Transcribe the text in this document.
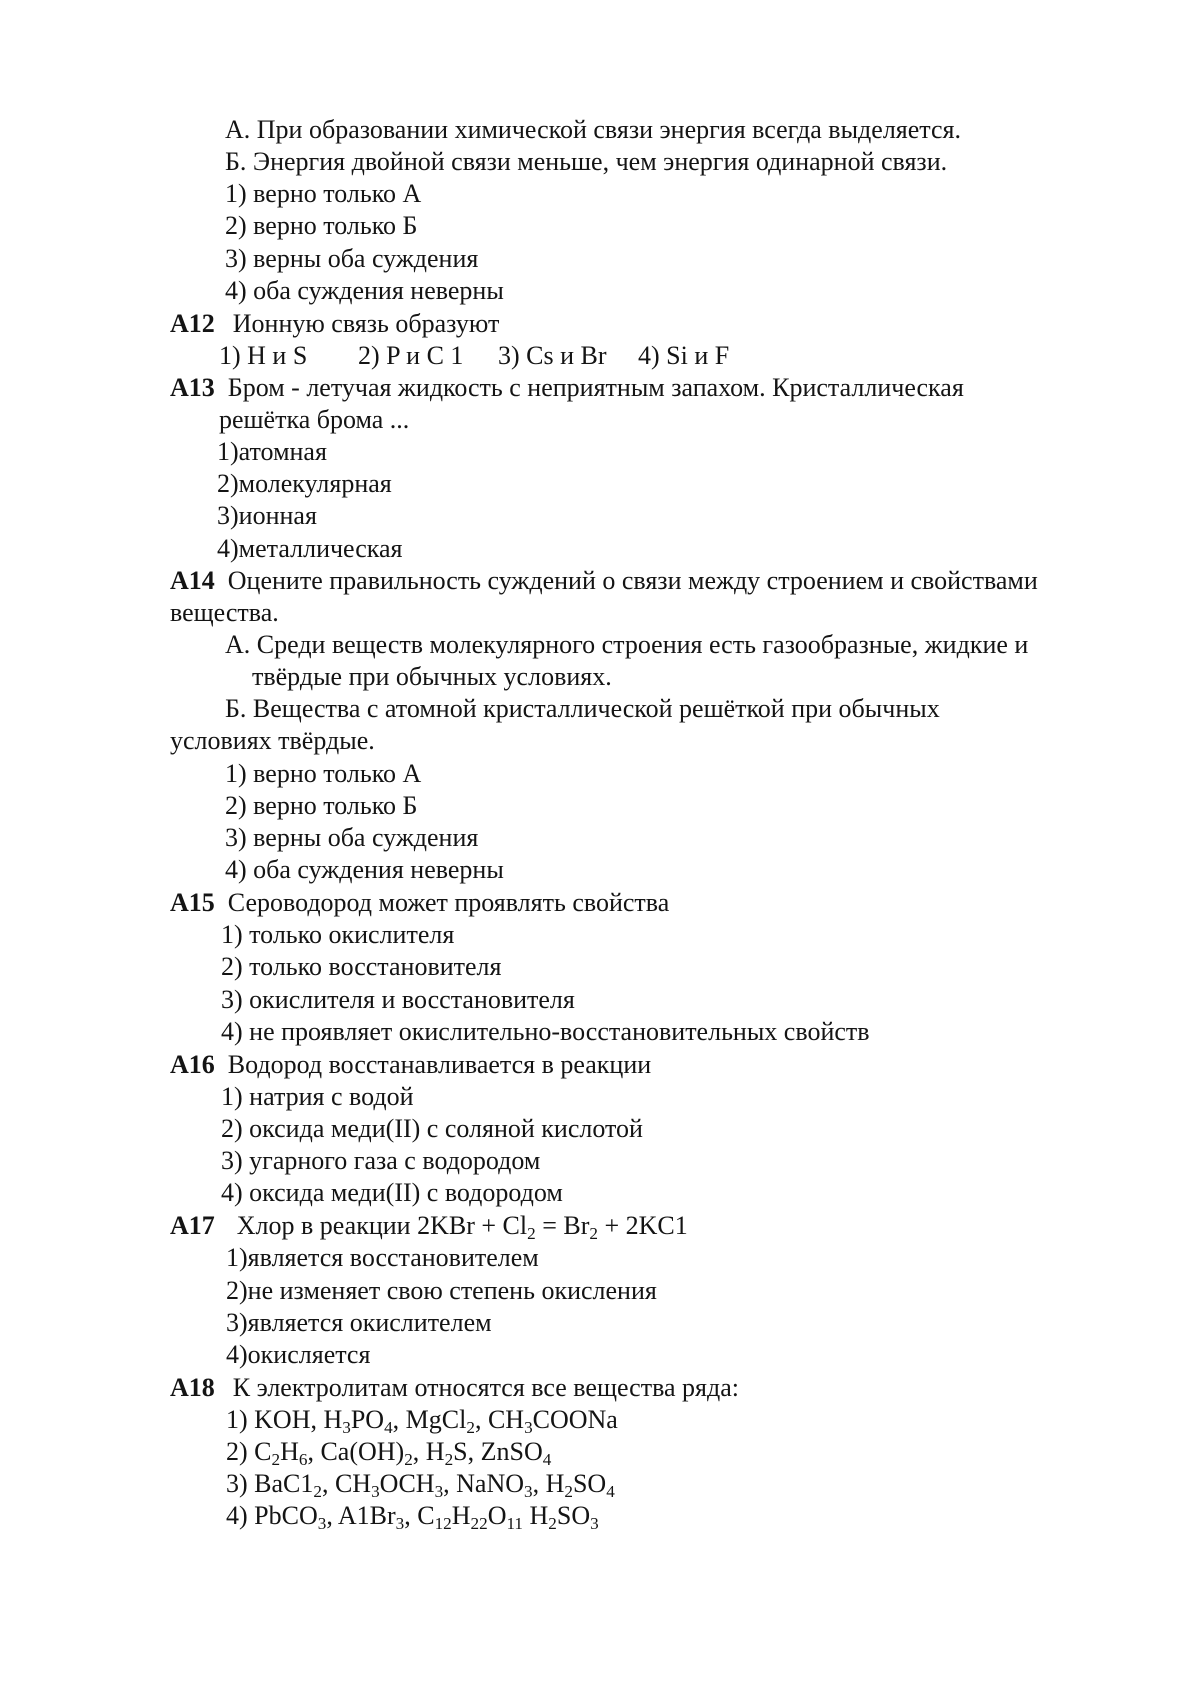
А. При образовании химической связи энергия всегда выделяется.
Б. Энергия двойной связи меньше, чем энергия одинарной связи.
1) верно только А
2) верно только Б
3) верны оба суждения
4) оба суждения неверны
А12 Ионную связь образуют
1) H и S 2) P и C 1 3) Cs и Br 4) Si и F
А13 Бром - летучая жидкость с неприятным запахом. Кристаллическая
решётка брома ...
1)атомная
2)молекулярная
3)ионная
4)металлическая
А14 Оцените правильность суждений о связи между строением и свойствами
вещества.
А. Среди веществ молекулярного строения есть газообразные, жидкие и
твёрдые при обычных условиях.
Б. Вещества с атомной кристаллической решёткой при обычных
условиях твёрдые.
1) верно только А
2) верно только Б
3) верны оба суждения
4) оба суждения неверны
А15 Сероводород может проявлять свойства
1) только окислителя
2) только восстановителя
3) окислителя и восстановителя
4) не проявляет окислительно-восстановительных свойств
А16 Водород восстанавливается в реакции
1) натрия с водой
2) оксида меди(II) с соляной кислотой
3) угарного газа с водородом
4) оксида меди(II) с водородом
А17 Хлор в реакции $2KBr + Cl_2 = Br_2 + 2KC1$
1)является восстановителем
2)не изменяет свою степень окисления
3)является окислителем
4)окисляется
А18 К электролитам относятся все вещества ряда:
1) KOH, $H_3PO_4$, MgCl$_2$, $CH_3COONa$
2) $C_2H_6$, $Ca(OH)_2$, $H_2S$, ZnSO$_4$
3) $BaC1_2$, $CH_3OCH_3$, NaNO$_3$, $H_2SO_4$
4) PbCO$_3$, $A1Br_3$, $C_{12}H_{22}O_{11}$ $H_2SO_3$
